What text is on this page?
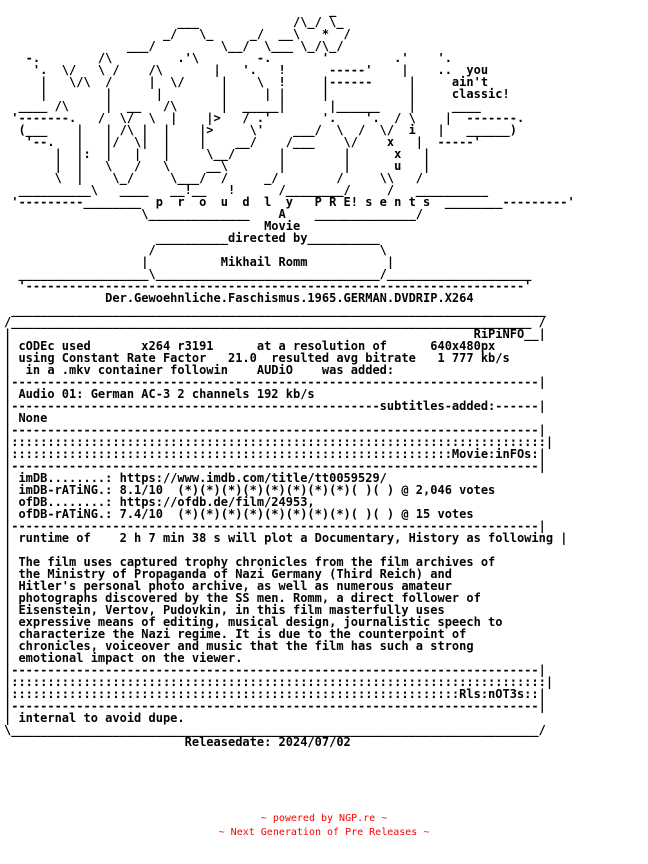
_
___             /\_/ \_
_/   \_     _/  __\   *  /
___/         \__/  \___ \_/\_/
-.        /\         .'\        -.       '         .'    '.
'.  \/   \ /    /\       |   '.   !      -----'    |    ..  you
|   \/\  /     |  \/     |    \  !     |------     |     ain't
|        |      |        |     | |     |           |     classic!
____ /\     |  __   /\      |  _____|      |______    |     ____
'-------.   /  \/  \  |    |>   / .'       '.    '.  / \    |  -------.
(___    |   | /\ |  |    |>     \'    ___/  \  /  \/  i   |   ______)
'--.   |   |/  \|  |    |    __/    /___    \/    x   |  -----'
|  |:  |   |   |     \__/      |        |      x   |
|  |   \   /   \     __\       |        |      u   |
\  |    \_/     \___/  /     _/        /     \\   /
__________\   ____   __!__   !      /________/     /   __________
'---------________  p  r  o  u  d  l  y   P R E! s e n t s  ________---------'
\______________    A    ______________/
Movie
__________directed by__________
/                               \
|          Mikhail Romm           |
__________________\_______________________________/____________________
'---------------------------------------------------------------------'
Der.Gewoehnliche.Faschismus.1965.GERMAN.DVDRIP.X264
__________________________________________________________________________
/________________________________________________________________________ /
|                                                                RiPiNFO__|
| cODEc used       x264 r3191      at a resolution of      640x480px
| using Constant Rate Factor   21.0  resulted avg bitrate   1 777 kb/s
|  in a .mkv container followin    AUDiO    was added:
|-------------------------------------------------------------------------|
| Audio 01: German AC-3 2 channels 192 kb/s
|---------------------------------------------------subtitles-added:------|
| None
|-------------------------------------------------------------------------|
|::::::::::::::::::::::::::::::::::::::::::::::::::::::::::::::::::::::::::|
|:::::::::::::::::::::::::::::::::::::::::::::::::::::::::::::Movie:inFOs:|
|-------------------------------------------------------------------------|
| imDB........: https://www.imdb.com/title/tt0059529/
| imDB-rATiNG.: 8.1/10  (*)(*)(*)(*)(*)(*)(*)(*)( )( ) @ 2,046 votes
| ofDB........: https://ofdb.de/film/24953,
| ofDB-rATiNG.: 7.4/10  (*)(*)(*)(*)(*)(*)(*)(*)( )( ) @ 15 votes
|-------------------------------------------------------------------------|
| runtime of    2 h 7 min 38 s will plot a Documentary, History as following |
|
| The film uses captured trophy chronicles from the film archives of
| the Ministry of Propaganda of Nazi Germany (Third Reich) and
| Hitler's personal photo archive, as well as numerous amateur
| photographs discovered by the SS men. Romm, a direct follower of
| Eisenstein, Vertov, Pudovkin, in this film masterfully uses
| expressive means of editing, musical design, journalistic speech to
| characterize the Nazi regime. It is due to the counterpoint of
| chronicles, voiceover and music that the film has such a strong
| emotional impact on the viewer.
|-------------------------------------------------------------------------|
|::::::::::::::::::::::::::::::::::::::::::::::::::::::::::::::::::::::::::|
|::::::::::::::::::::::::::::::::::::::::::::::::::::::::::::::Rls:nOT3s::|
|-------------------------------------------------------------------------|
| internal to avoid dupe.
\_________________________________________________________________________/
Releasedate: 2024/07/02
~ powered by NGP.re ~
~ Next Generation of Pre Releases ~
